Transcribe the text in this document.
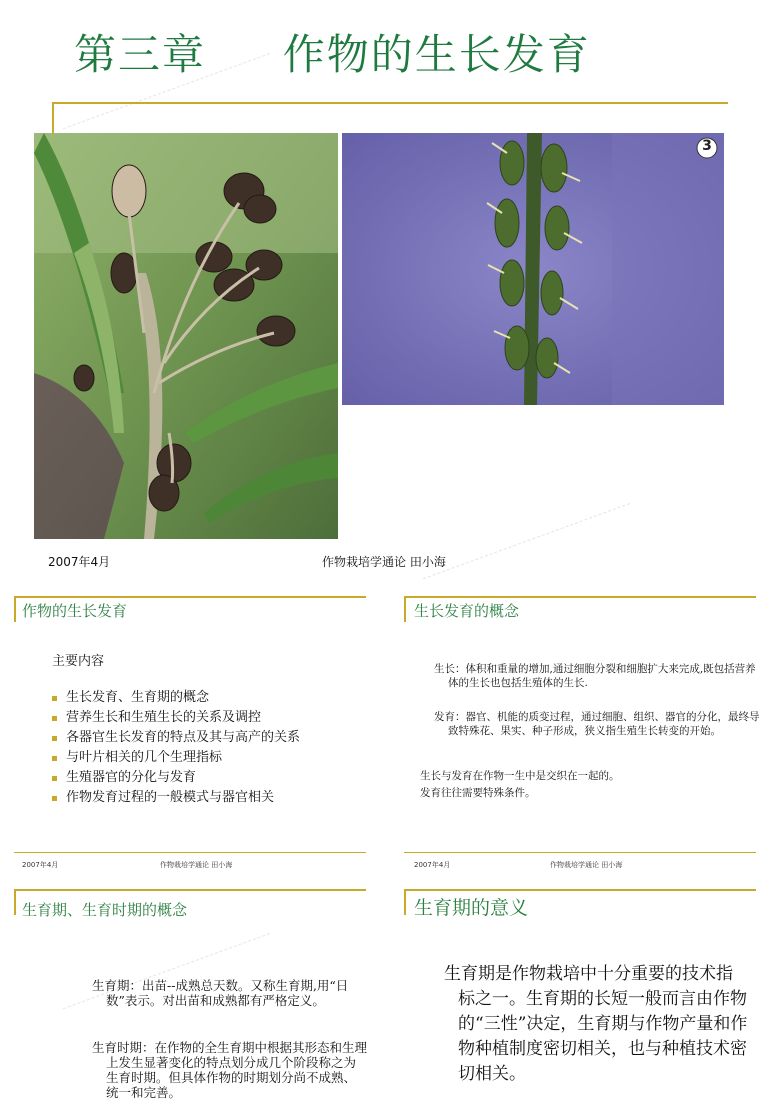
第三章     作物的生长发育
3
2007年4月	作物栽培学通论 田小海
作物的生长发育
主要内容
生长发育、生育期的概念
营养生长和生殖生长的关系及调控
各器官生长发育的特点及其与高产的关系
与叶片相关的几个生理指标
生殖器官的分化与发育
作物发育过程的一般模式与器官相关
2007年4月	作物栽培学通论 田小海
生长发育的概念

生长：体积和重量的增加,通过细胞分裂和细胞扩大来完成,既包括营养体的生长也包括生殖体的生长.

发育：器官、机能的质变过程，通过细胞、组织、器官的分化，最终导致特殊花、果实、种子形成，狭义指生殖生长转变的开始。

生长与发育在作物一生中是交织在一起的。

发育往往需要特殊条件。

2007年4月	作物栽培学通论 田小海
生育期、生育时期的概念

生育期：出苗--成熟总天数。又称生育期,用“日数”表示。对出苗和成熟都有严格定义。

生育时期：在作物的全生育期中根据其形态和生理上发生显著变化的特点划分成几个阶段称之为生育时期。但具体作物的时期划分尚不成熟、统一和完善。

生育期的意义

生育期是作物栽培中十分重要的技术指标之一。生育期的长短一般而言由作物的“三性”决定，生育期与作物产量和作物种植制度密切相关，也与种植技术密切相关。
